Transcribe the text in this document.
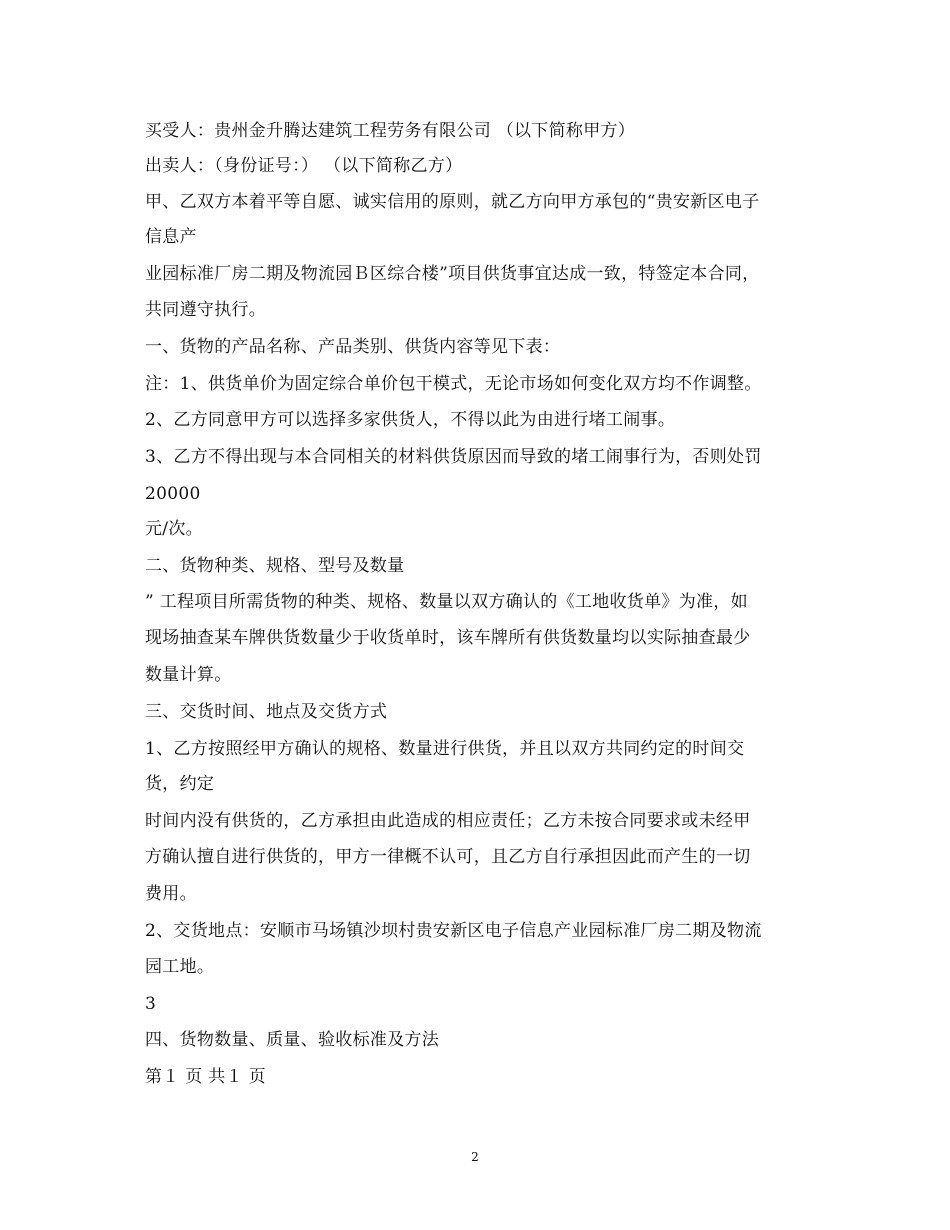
买受人：贵州金升腾达建筑工程劳务有限公司 （以下简称甲方）
出卖人：（身份证号：） （以下简称乙方）
甲、乙双方本着平等自愿、诚实信用的原则，就乙方向甲方承包的“贵安新区电子
信息产
业园标准厂房二期及物流园Ｂ区综合楼”项目供货事宜达成一致，特签定本合同，
共同遵守执行。
一、货物的产品名称、产品类别、供货内容等见下表：
注：1、供货单价为固定综合单价包干模式，无论市场如何变化双方均不作调整。
2、乙方同意甲方可以选择多家供货人，不得以此为由进行堵工闹事。
3、乙方不得出现与本合同相关的材料供货原因而导致的堵工闹事行为，否则处罚
20000
元/次。
二、货物种类、规格、型号及数量
” 工程项目所需货物的种类、规格、数量以双方确认的《工地收货单》为准，如
现场抽查某车牌供货数量少于收货单时，该车牌所有供货数量均以实际抽查最少
数量计算。
三、交货时间、地点及交货方式
1、乙方按照经甲方确认的规格、数量进行供货，并且以双方共同约定的时间交
货，约定
时间内没有供货的，乙方承担由此造成的相应责任；乙方未按合同要求或未经甲
方确认擅自进行供货的，甲方一律概不认可，且乙方自行承担因此而产生的一切
费用。
2、交货地点：安顺市马场镇沙坝村贵安新区电子信息产业园标准厂房二期及物流
园工地。
3
四、货物数量、质量、验收标准及方法
第１ 页 共１ 页
2
